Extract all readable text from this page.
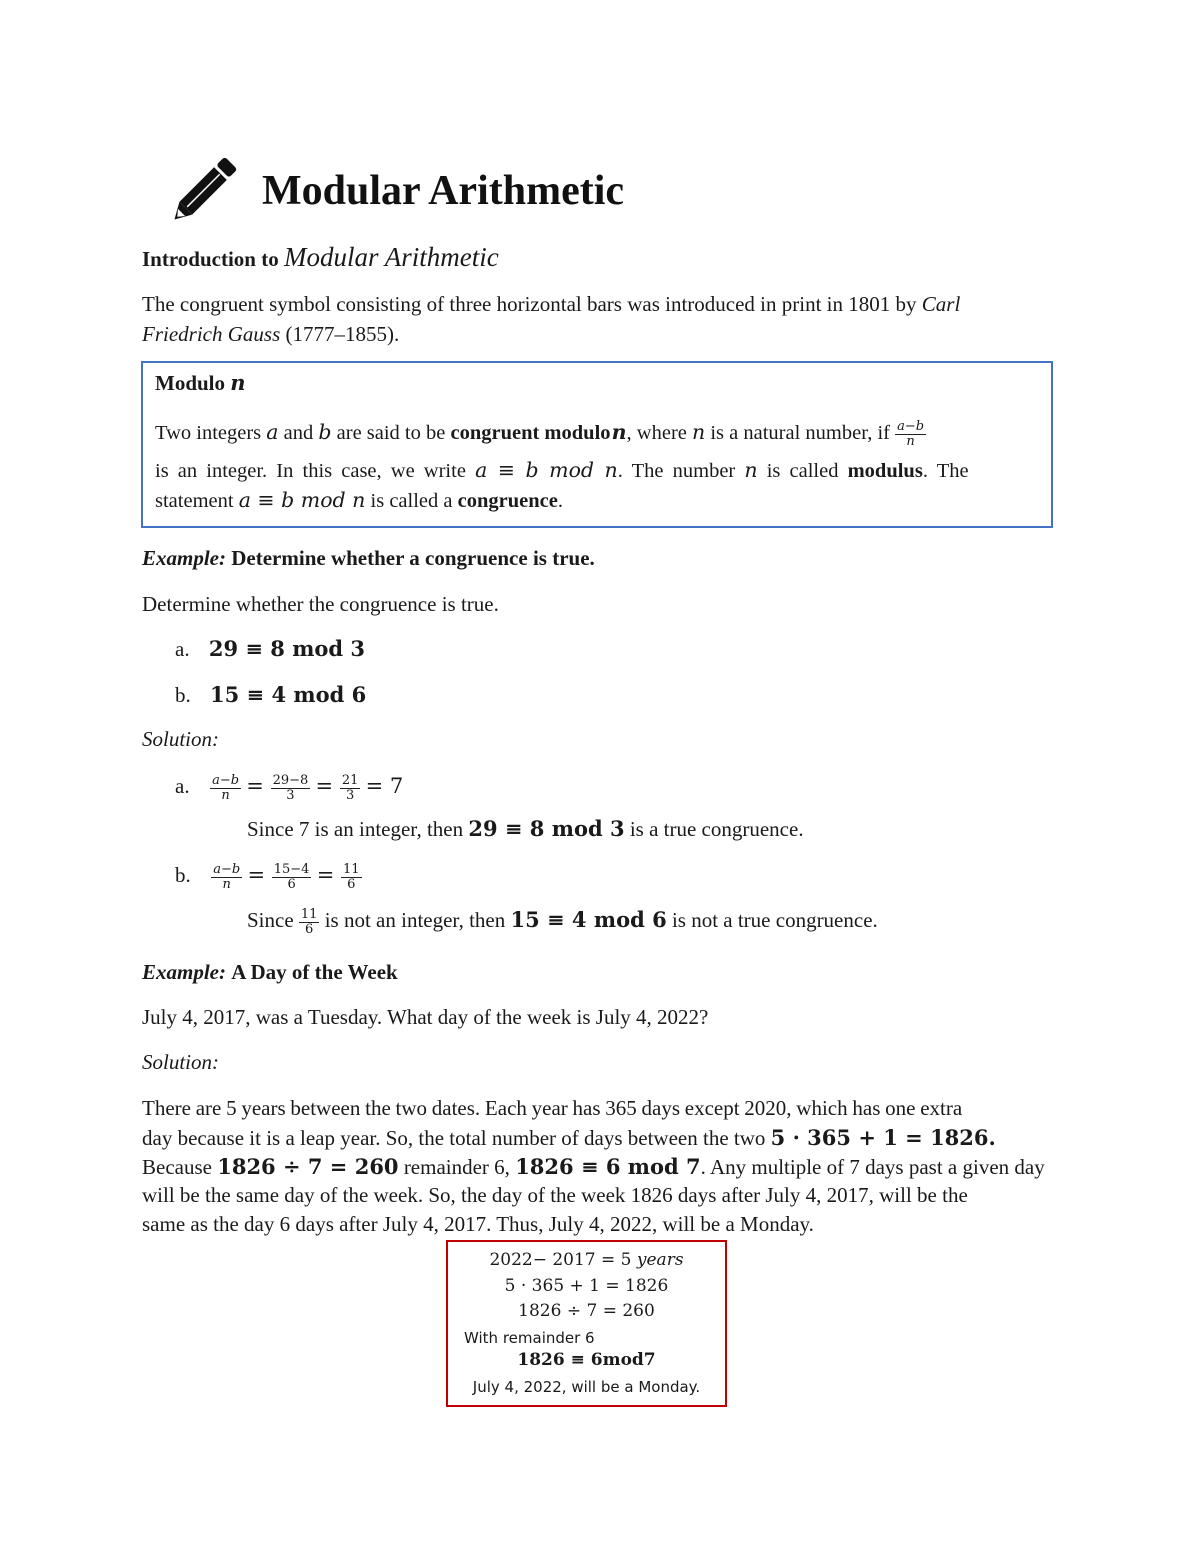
Modular Arithmetic
Introduction to Modular Arithmetic
The congruent symbol consisting of three horizontal bars was introduced in print in 1801 by Carl
Friedrich Gauss (1777–1855).
Modulo n
Two integers a and b are said to be congruent modulo n, where n is a natural number, if $\frac{a-b}{n}$
is an integer. In this case, we write a ≡ b mod n. The number n is called modulus. The
statement a ≡ b mod n is called a congruence.
Example: Determine whether a congruence is true.
Determine whether the congruence is true.
a. 29 ≡ 8 mod 3
b. 15 ≡ 4 mod 6
Solution:
a. $\frac{a-b}{n} = \frac{29-8}{3} = \frac{21}{3} = 7$
Since 7 is an integer, then 29 ≡ 8 mod 3 is a true congruence.
b. $\frac{a-b}{n} = \frac{15-4}{6} = \frac{11}{6}$
Since $\frac{11}{6}$ is not an integer, then 15 ≡ 4 mod 6 is not a true congruence.
Example: A Day of the Week
July 4, 2017, was a Tuesday. What day of the week is July 4, 2022?
Solution:
There are 5 years between the two dates. Each year has 365 days except 2020, which has one extra
day because it is a leap year. So, the total number of days between the two 5 · 365 + 1 = 1826.
Because 1826 ÷ 7 = 260 remainder 6, 1826 ≡ 6 mod 7. Any multiple of 7 days past a given day
will be the same day of the week. So, the day of the week 1826 days after July 4, 2017, will be the
same as the day 6 days after July 4, 2017. Thus, July 4, 2022, will be a Monday.
2022− 2017 = 5 years
5 · 365 + 1 = 1826
1826 ÷ 7 = 260
With remainder 6
1826 ≡ 6mod7
July 4, 2022, will be a Monday.
